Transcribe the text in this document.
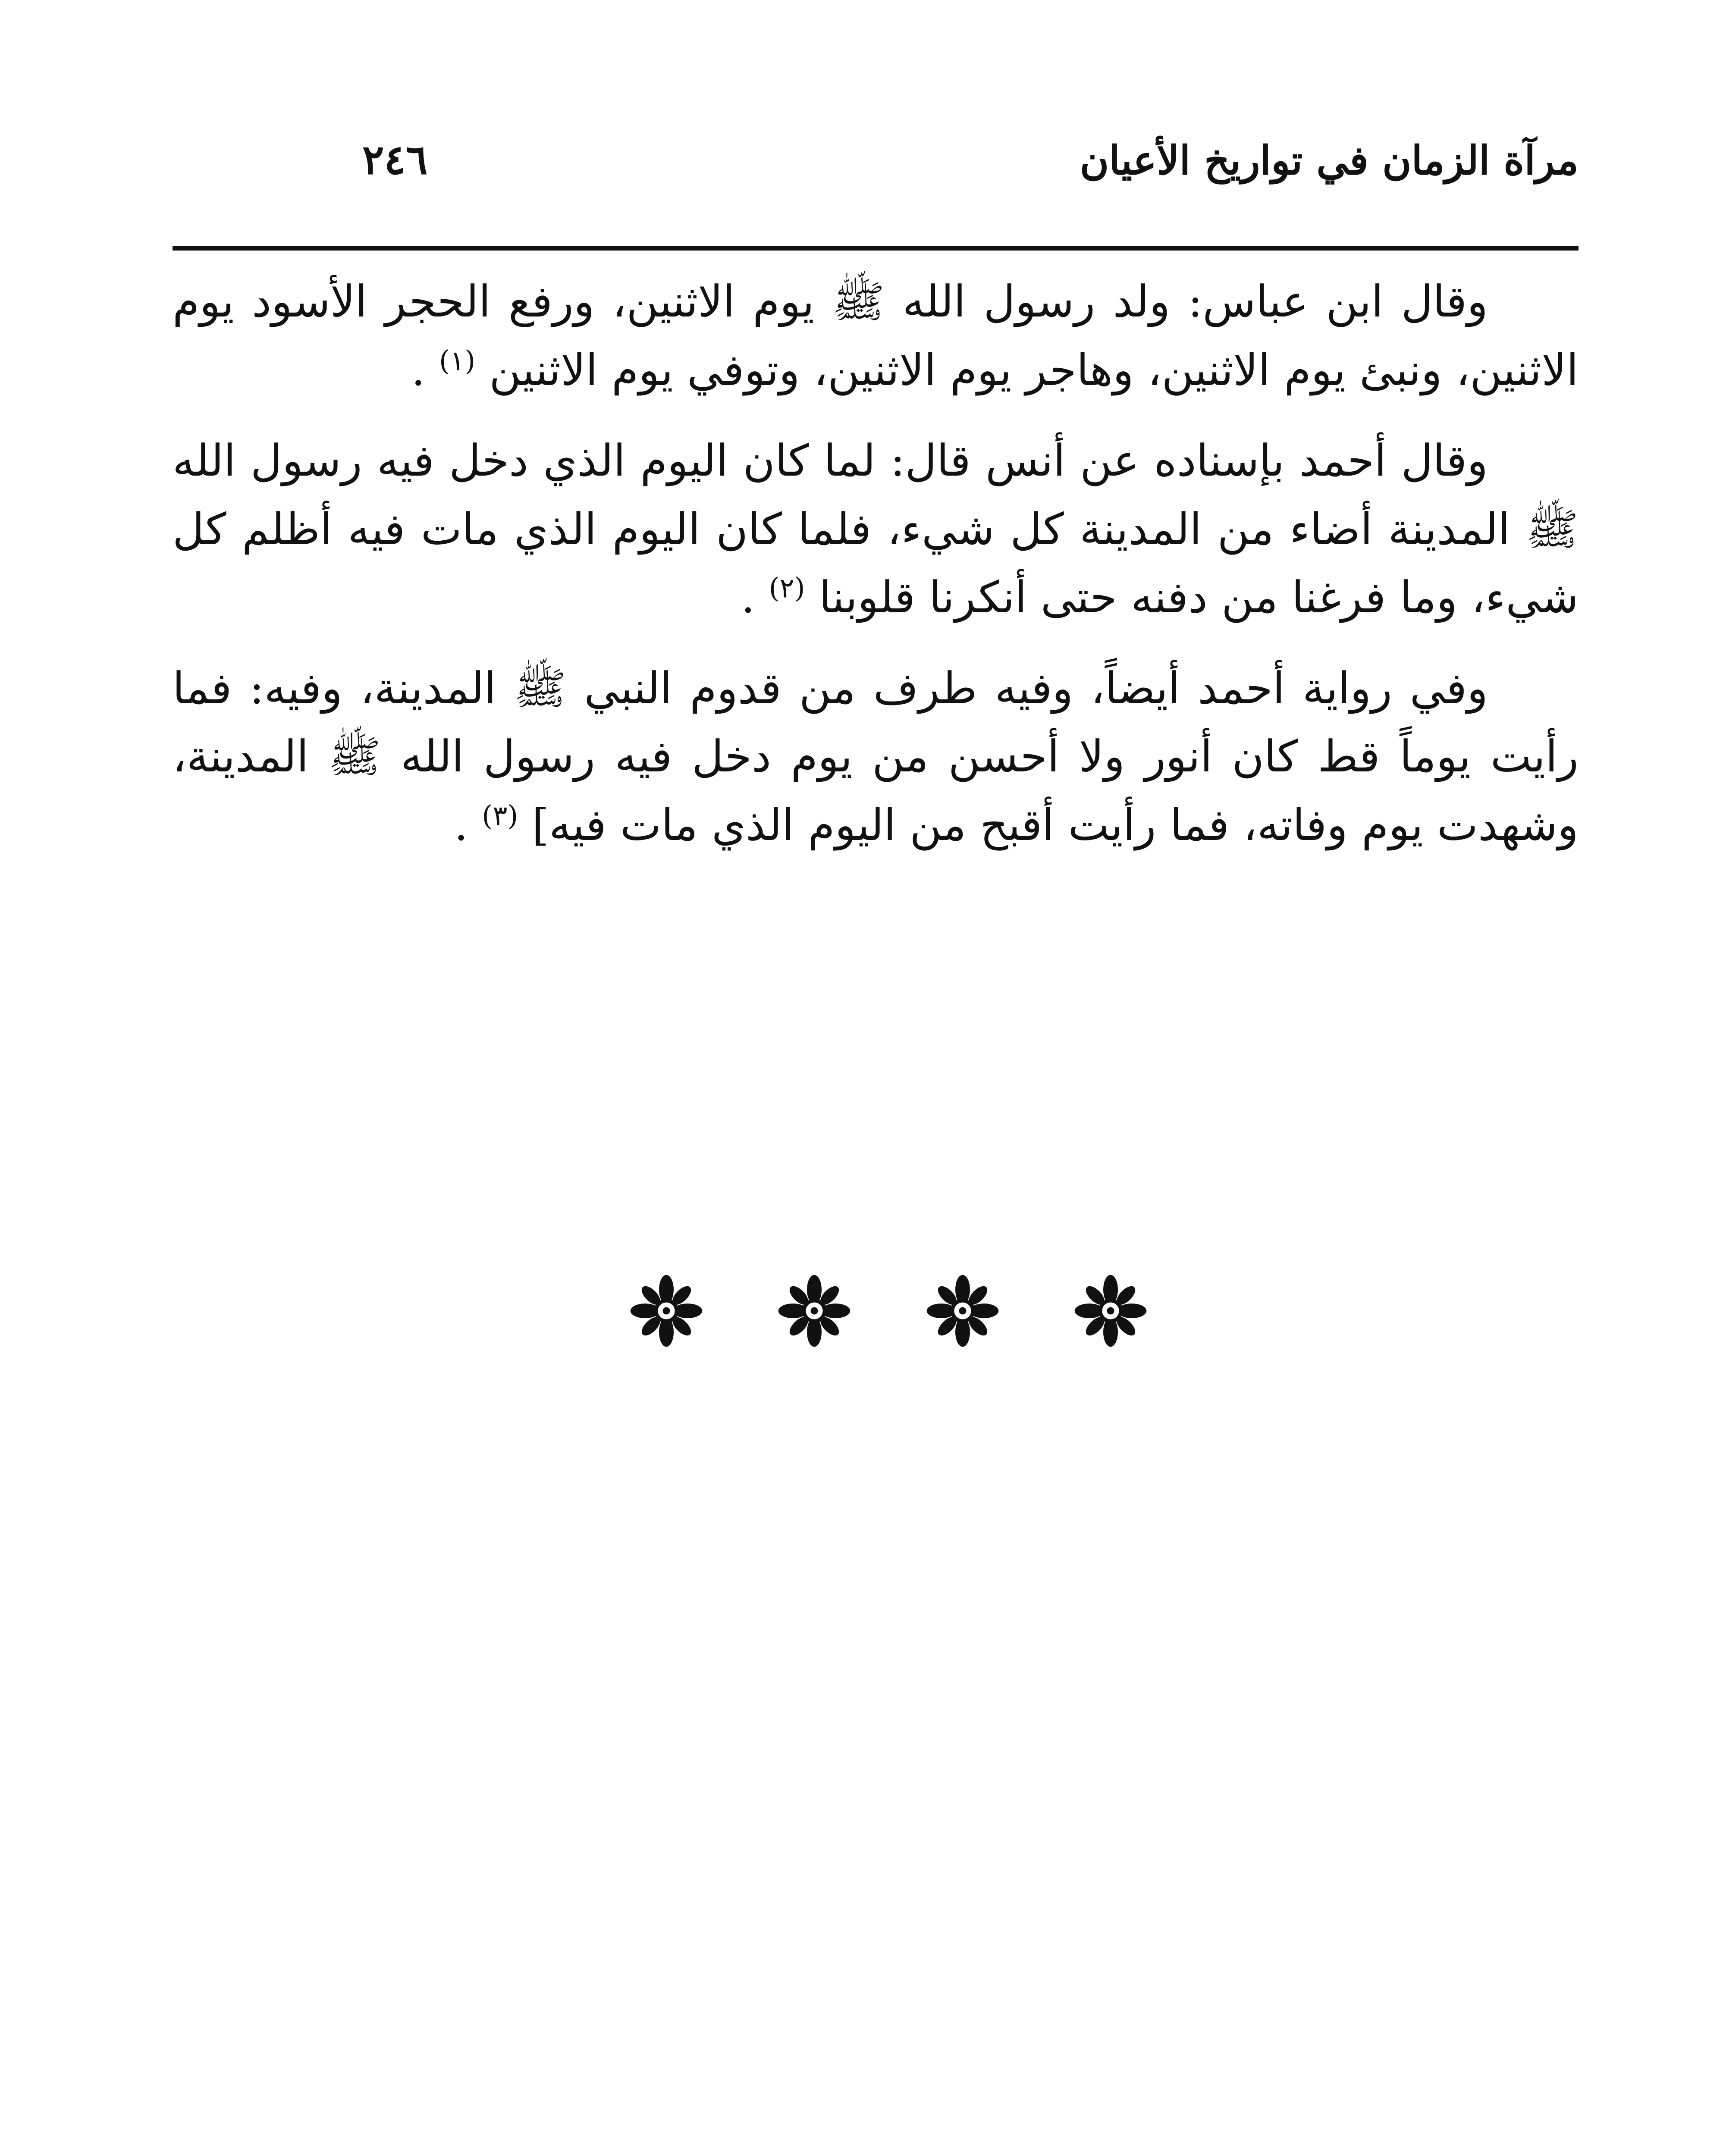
٢٤٦	مرآة الزمان في تواريخ الأعيان

وقال ابن عباس: ولد رسول الله ﷺ يوم الاثنين، ورفع الحجر الأسود يوم الاثنين، ونبئ يوم الاثنين، وهاجر يوم الاثنين، وتوفي يوم الاثنين $^{(١)}$ .

وقال أحمد بإسناده عن أنس قال: لما كان اليوم الذي دخل فيه رسول الله ﷺ المدينة أضاء من المدينة كل شيء، فلما كان اليوم الذي مات فيه أظلم كل شيء، وما فرغنا من دفنه حتى أنكرنا قلوبنا $^{(٢)}$ .

وفي رواية أحمد أيضاً، وفيه طرف من قدوم النبي ﷺ المدينة، وفيه: فما رأيت يوماً قط كان أنور ولا أحسن من يوم دخل فيه رسول الله ﷺ المدينة، وشهدت يوم وفاته، فما رأيت أقبح من اليوم الذي مات فيه] $^{(٣)}$ .
